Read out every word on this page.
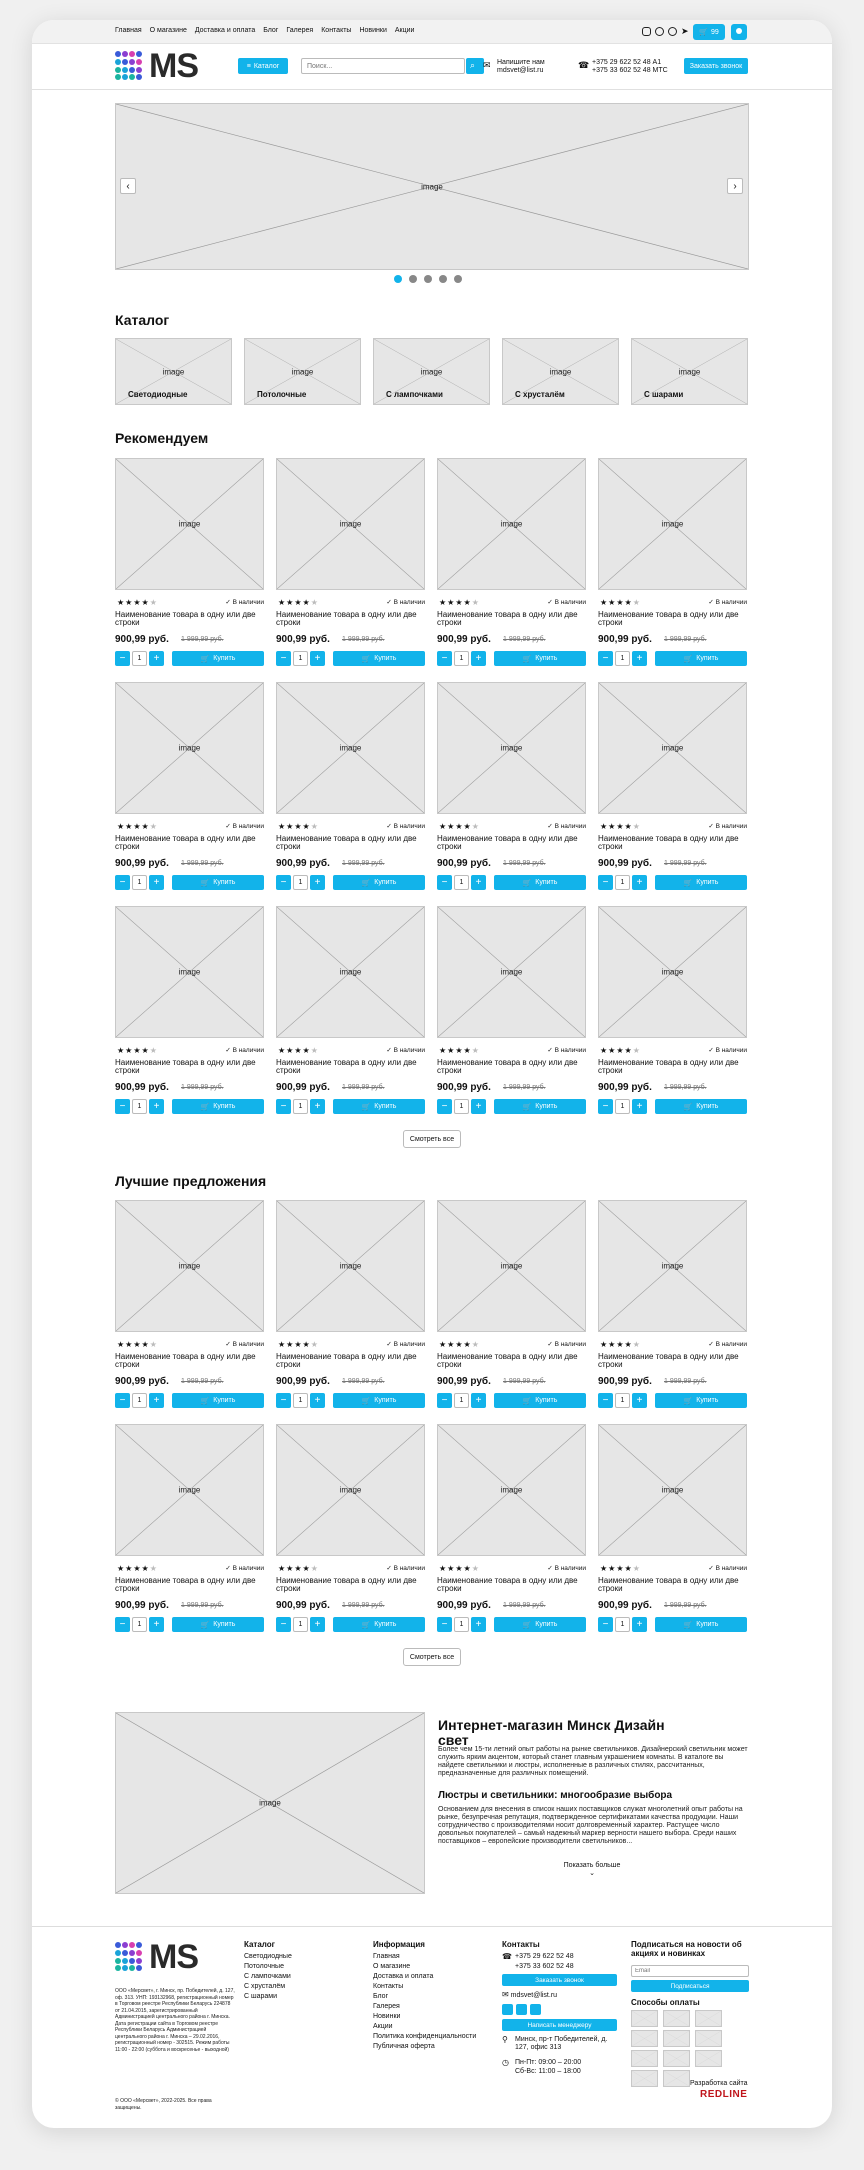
Главная О магазине Доставка и оплата Блог Галерея Контакты Новинки Акции	➤ 🛒 99
MS	≡ Каталог
Поиск...	⌕ ✉ Напишите нам
mdsvet@list.ru
☎ +375 29 622 52 48 А1
+375 33 602 52 48 МТС
Заказать звонок
image
‹	›
Каталог
Рекомендуем
Смотреть все
Лучшие предложения
Смотреть все
image
Интернет-магазин Минск Дизайн свет
Более чем 15-ти летний опыт работы на рынке светильников. Дизайнерский светильник может служить ярким акцентом, который станет главным украшением комнаты. В каталоге вы найдете светильники и люстры, исполненные в различных стилях, рассчитанных, предназначенные для различных помещений.
Люстры и светильники: многообразие выбора
Основанием для внесения в список наших поставщиков служат многолетний опыт работы на рынке, безупречная репутация, подтвержденное сертификатами качества продукции. Наши сотрудничество с производителями носит долговременный характер. Растущее число довольных покупателей – самый надежный маркер верности нашего выбора. Среди наших поставщиков – европейские производители светильников...
Показать больше
⌄
MS
ООО «Мерсвет», г. Минск, пр. Победителей, д. 127, оф. 313. УНП: 193132968, регистрационный номер в Торговом реестре Республики Беларусь 224878 от 21.04.2015, зарегистрированный Администрацией центрального района г. Минска. Дата регистрации сайта в Торговом реестре Республики Беларусь Администрацией центрального района г. Минска – 29.02.2016, регистрационный номер - 302515. Режим работы 11:00 - 22:00 (суббота и воскресенье - выходной)
© ООО «Мерсвет», 2022-2025. Все права защищены.
Каталог
Светодиодные
Потолочные
С лампочками
С хрусталём
С шарами
Информация
Главная
О магазине
Доставка и оплата
Контакты
Блог
Галерея
Новинки
Акции
Политика конфиденциальности
Публичная оферта
Контакты
☎ +375 29 622 52 48
+375 33 602 52 48
Заказать звонок
✉ mdsvet@list.ru
Написать менеджеру
⚲	Минск, пр-т Победителей, д. 127, офис 313
◷ Пн-Пт: 09:00 – 20:00
Сб-Вс: 11:00 – 18:00
Подписаться на новости об акциях и новинках
Email
Подписаться
Способы оплаты
Разработка сайта
REDLINE
image
Светодиодные
image
Потолочные
image
С лампочками
image
С хрусталём
image
С шарами
image
★★★★★	✓ В наличии
Наименование товара в одну или две строки
900,99 руб. 1 999,99 руб.
−	1	+	🛒 Купить
image
★★★★★	✓ В наличии
Наименование товара в одну или две строки
900,99 руб. 1 999,99 руб.
−	1	+	🛒 Купить
image
★★★★★	✓ В наличии
Наименование товара в одну или две строки
900,99 руб. 1 999,99 руб.
−	1	+	🛒 Купить
image
★★★★★	✓ В наличии
Наименование товара в одну или две строки
900,99 руб. 1 999,99 руб.
−	1	+	🛒 Купить
image
★★★★★	✓ В наличии
Наименование товара в одну или две строки
900,99 руб. 1 999,99 руб.
−	1	+	🛒 Купить
image
★★★★★	✓ В наличии
Наименование товара в одну или две строки
900,99 руб. 1 999,99 руб.
−	1	+	🛒 Купить
image
★★★★★	✓ В наличии
Наименование товара в одну или две строки
900,99 руб. 1 999,99 руб.
−	1	+	🛒 Купить
image
★★★★★	✓ В наличии
Наименование товара в одну или две строки
900,99 руб. 1 999,99 руб.
−	1	+	🛒 Купить
image
★★★★★	✓ В наличии
Наименование товара в одну или две строки
900,99 руб. 1 999,99 руб.
−	1	+	🛒 Купить
image
★★★★★	✓ В наличии
Наименование товара в одну или две строки
900,99 руб. 1 999,99 руб.
−	1	+	🛒 Купить
image
★★★★★	✓ В наличии
Наименование товара в одну или две строки
900,99 руб. 1 999,99 руб.
−	1	+	🛒 Купить
image
★★★★★	✓ В наличии
Наименование товара в одну или две строки
900,99 руб. 1 999,99 руб.
−	1	+	🛒 Купить
image
★★★★★	✓ В наличии
Наименование товара в одну или две строки
900,99 руб. 1 999,99 руб.
−	1	+	🛒 Купить
image
★★★★★	✓ В наличии
Наименование товара в одну или две строки
900,99 руб. 1 999,99 руб.
−	1	+	🛒 Купить
image
★★★★★	✓ В наличии
Наименование товара в одну или две строки
900,99 руб. 1 999,99 руб.
−	1	+	🛒 Купить
image
★★★★★	✓ В наличии
Наименование товара в одну или две строки
900,99 руб. 1 999,99 руб.
−	1	+	🛒 Купить
image
★★★★★	✓ В наличии
Наименование товара в одну или две строки
900,99 руб. 1 999,99 руб.
−	1	+	🛒 Купить
image
★★★★★	✓ В наличии
Наименование товара в одну или две строки
900,99 руб. 1 999,99 руб.
−	1	+	🛒 Купить
image
★★★★★	✓ В наличии
Наименование товара в одну или две строки
900,99 руб. 1 999,99 руб.
−	1	+	🛒 Купить
image
★★★★★	✓ В наличии
Наименование товара в одну или две строки
900,99 руб. 1 999,99 руб.
−	1	+	🛒 Купить
